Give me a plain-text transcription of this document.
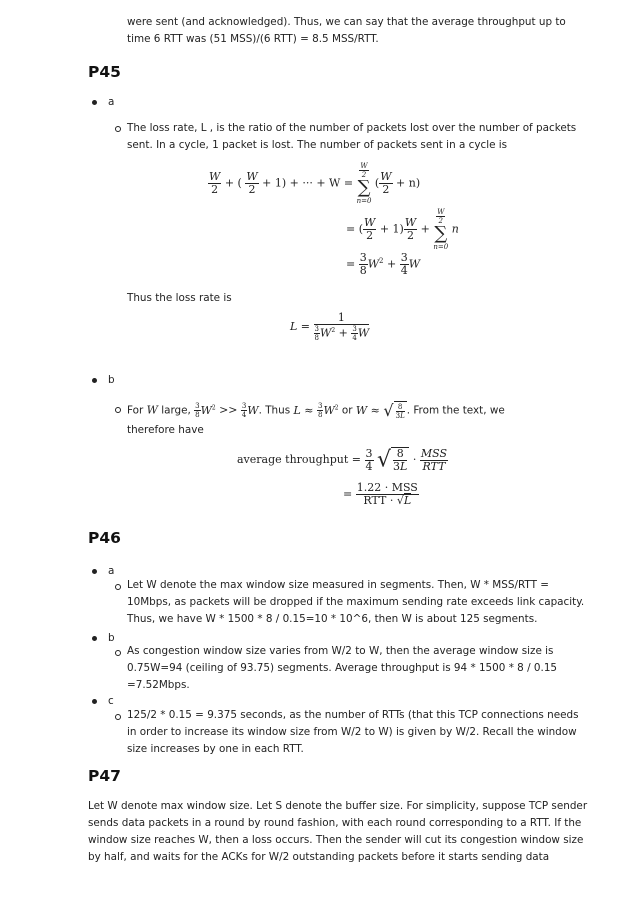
were sent (and acknowledged). Thus, we can say that the average throughput up to
time 6 RTT was (51 MSS)/(6 RTT) = 8.5 MSS/RTT.
P45
a
The loss rate, L , is the ratio of the number of packets lost over the number of packets
sent. In a cycle, 1 packet is lost. The number of packets sent in a cycle is
$\frac{W}{2}$ + ( $\frac{W}{2} + 1$) + ··· + W =
$\frac{W}{2}$
∑
n=0
( $\frac{W}{2} + n$)
= ( $\frac{W}{2} + 1) \frac{W}{2}$ +
$\frac{W}{2}$
∑
n=0
n
= $\frac{3}{8} W^2 + \frac{3}{4}$ W
Thus the loss rate is
$L = \frac{1}{\frac{3}{8} W^2 + \frac{3}{4} W}$
b
For W large, $\frac{3}{8} W^2 >> \frac{3}{4} W$. Thus $L \approx \frac{3}{8} W^2$ or W ≈ √ $\frac{8}{3L}$ . From the text, we
therefore have
average throughput = $\frac{3}{4}$ √ $\frac{8}{3L} \cdot \frac{\text{MSS}}{\text{RTT}}$
= $\frac{\text{1.22 · MSS}}{\text{RTT · √L}}$
P46
a
Let W denote the max window size measured in segments. Then, W * MSS/RTT =
10Mbps, as packets will be dropped if the maximum sending rate exceeds link capacity.
Thus, we have W * 1500 * 8 / 0.15=10 * 10^6, then W is about 125 segments.
b
As congestion window size varies from W/2 to W, then the average window size is
0.75W=94 (ceiling of 93.75) segments. Average throughput is 94 * 1500 * 8 / 0.15
=7.52Mbps.
c
125/2 * 0.15 = 9.375 seconds, as the number of RTTs (that this TCP connections needs
in order to increase its window size from W/2 to W) is given by W/2. Recall the window
size increases by one in each RTT.
P47
Let W denote max window size. Let S denote the buffer size. For simplicity, suppose TCP sender
sends data packets in a round by round fashion, with each round corresponding to a RTT. If the
window size reaches W, then a loss occurs. Then the sender will cut its congestion window size
by half, and waits for the ACKs for W/2 outstanding packets before it starts sending data
